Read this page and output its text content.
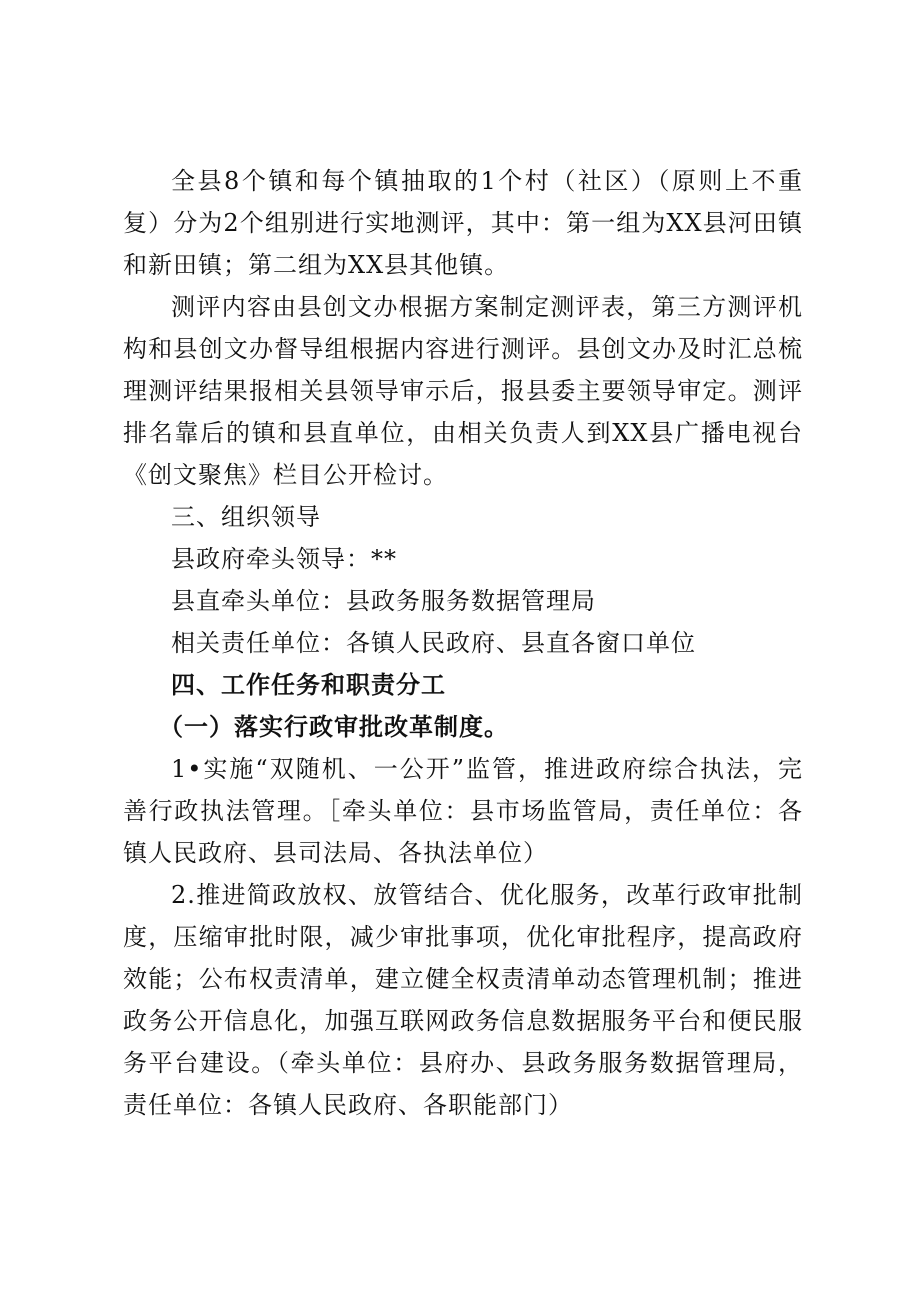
全县8个镇和每个镇抽取的1个村（社区）（原则上不重复）分为2个组别进行实地测评，其中：第一组为XX县河田镇和新田镇；第二组为XX县其他镇。

测评内容由县创文办根据方案制定测评表，第三方测评机构和县创文办督导组根据内容进行测评。县创文办及时汇总梳理测评结果报相关县领导审示后，报县委主要领导审定。测评排名靠后的镇和县直单位，由相关负责人到XX县广播电视台《创文聚焦》栏目公开检讨。

三、组织领导

县政府牵头领导：**

县直牵头单位：县政务服务数据管理局

相关责任单位：各镇人民政府、县直各窗口单位

四、工作任务和职责分工

（一）落实行政审批改革制度。

1•实施“双随机、一公开”监管，推进政府综合执法，完善行政执法管理。［牵头单位：县市场监管局，责任单位：各镇人民政府、县司法局、各执法单位）

2.推进简政放权、放管结合、优化服务，改革行政审批制度，压缩审批时限，减少审批事项，优化审批程序，提高政府效能；公布权责清单，建立健全权责清单动态管理机制；推进政务公开信息化，加强互联网政务信息数据服务平台和便民服务平台建设。（牵头单位：县府办、县政务服务数据管理局，责任单位：各镇人民政府、各职能部门）
